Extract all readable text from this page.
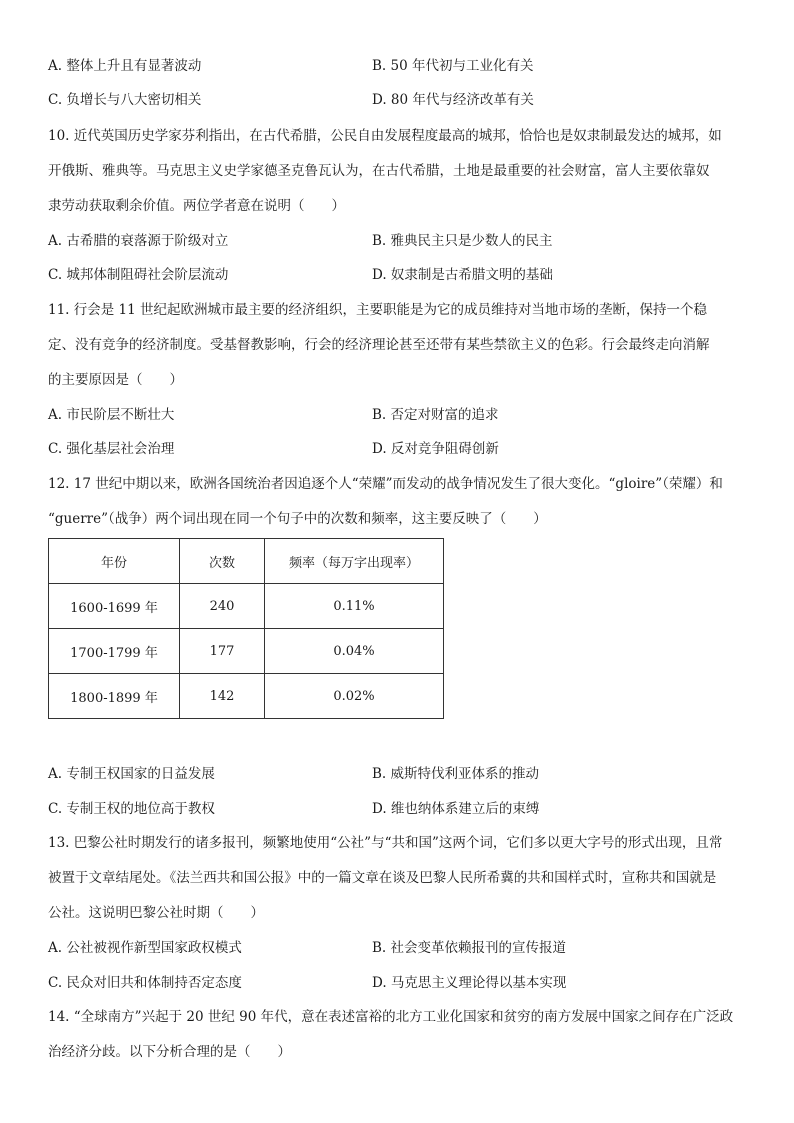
A. 整体上升且有显著波动	B. 50 年代初与工业化有关
C. 负增长与八大密切相关	D. 80 年代与经济改革有关
10. 近代英国历史学家芬利指出，在古代希腊，公民自由发展程度最高的城邦，恰恰也是奴隶制最发达的城邦，如
开俄斯、雅典等。马克思主义史学家德圣克鲁瓦认为，在古代希腊，土地是最重要的社会财富，富人主要依靠奴
隶劳动获取剩余价值。两位学者意在说明（　　）
A. 古希腊的衰落源于阶级对立	B. 雅典民主只是少数人的民主
C. 城邦体制阻碍社会阶层流动	D. 奴隶制是古希腊文明的基础
11. 行会是 11 世纪起欧洲城市最主要的经济组织，主要职能是为它的成员维持对当地市场的垄断，保持一个稳
定、没有竞争的经济制度。受基督教影响，行会的经济理论甚至还带有某些禁欲主义的色彩。行会最终走向消解
的主要原因是（　　）
A. 市民阶层不断壮大	B. 否定对财富的追求
C. 强化基层社会治理	D. 反对竞争阻碍创新
12. 17 世纪中期以来，欧洲各国统治者因追逐个人“荣耀”而发动的战争情况发生了很大变化。“gloire”（荣耀）和
“guerre”（战争）两个词出现在同一个句子中的次数和频率，这主要反映了（　　）
年份	次数	频率（每万字出现率）
1600-1699 年	240	0.11%
1700-1799 年	177	0.04%
1800-1899 年	142	0.02%
A. 专制王权国家的日益发展	B. 威斯特伐利亚体系的推动
C. 专制王权的地位高于教权	D. 维也纳体系建立后的束缚
13. 巴黎公社时期发行的诸多报刊，频繁地使用“公社”与“共和国”这两个词，它们多以更大字号的形式出现，且常
被置于文章结尾处。《法兰西共和国公报》中的一篇文章在谈及巴黎人民所希冀的共和国样式时，宣称共和国就是
公社。这说明巴黎公社时期（　　）
A. 公社被视作新型国家政权模式	B. 社会变革依赖报刊的宣传报道
C. 民众对旧共和体制持否定态度	D. 马克思主义理论得以基本实现
14. “全球南方”兴起于 20 世纪 90 年代，意在表述富裕的北方工业化国家和贫穷的南方发展中国家之间存在广泛政
治经济分歧。以下分析合理的是（　　）
